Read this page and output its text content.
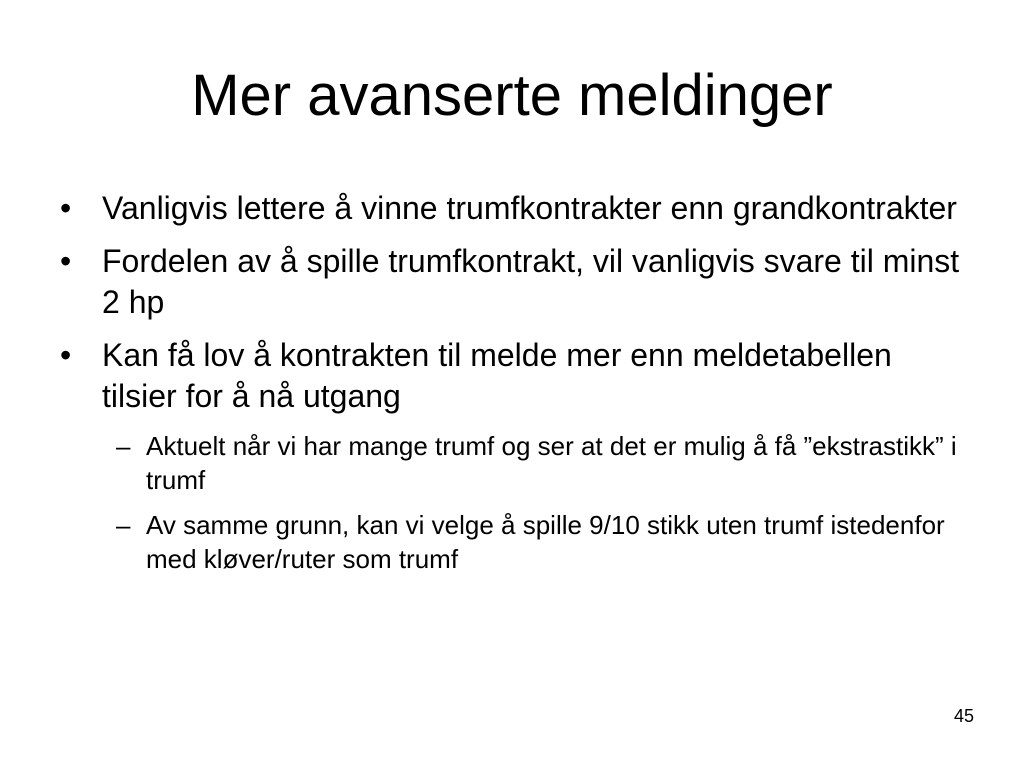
Mer avanserte meldinger
• Vanligvis lettere å vinne trumfkontrakter enn grandkontrakter
• Fordelen av å spille trumfkontrakt, vil vanligvis svare til minst 2 hp
• Kan få lov å kontrakten til melde mer enn meldetabellen tilsier for å nå utgang
– Aktuelt når vi har mange trumf og ser at det er mulig å få ”ekstrastikk” i trumf
– Av samme grunn, kan vi velge å spille 9/10 stikk uten trumf istedenfor med kløver/ruter som trumf
45
